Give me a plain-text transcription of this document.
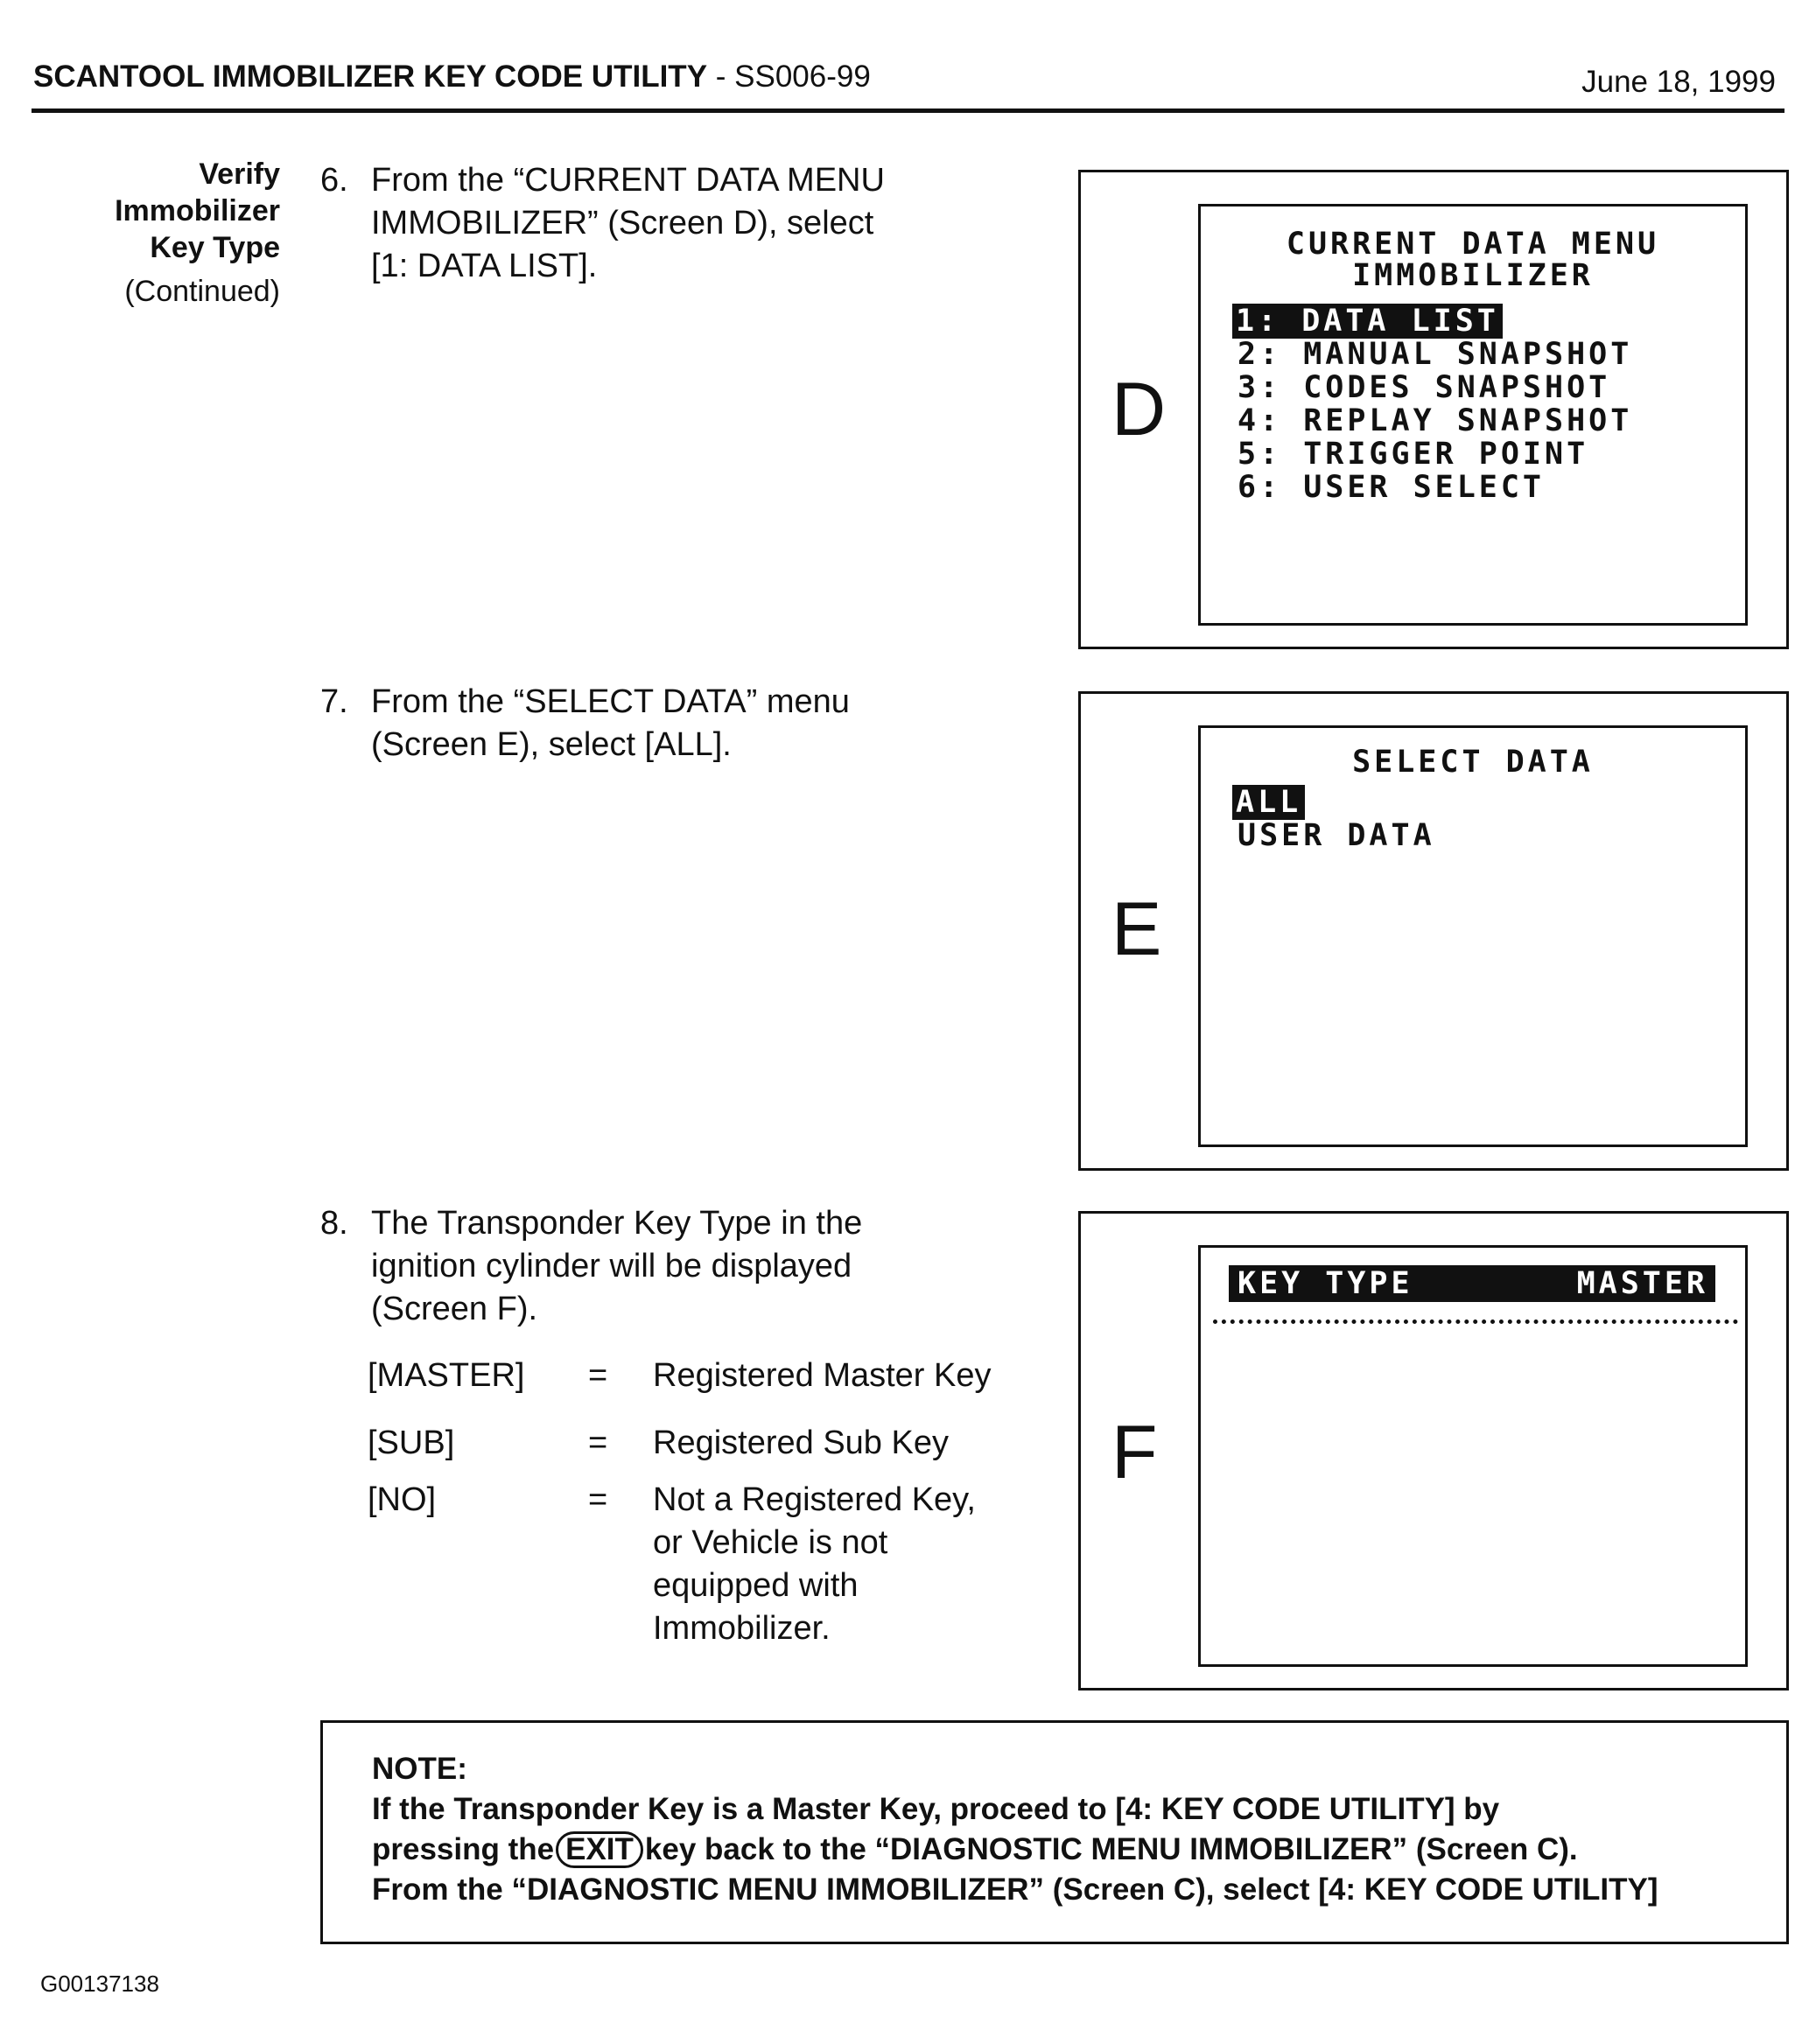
SCANTOOL IMMOBILIZER KEY CODE UTILITY - SS006-99	June 18, 1999
Verify
Immobilizer
Key Type
(Continued)
6. From the “CURRENT DATA MENU
IMMOBILIZER” (Screen D), select
[1: DATA LIST].
7. From the “SELECT DATA” menu
(Screen E), select [ALL].
8. The Transponder Key Type in the
ignition cylinder will be displayed
(Screen F).
[MASTER] = Registered Master Key
[SUB]	= Registered Sub Key
[NO]	= Not a Registered Key,
or Vehicle is not
equipped with
Immobilizer.
D
CURRENT DATA MENU
IMMOBILIZER
1: DATA LIST
2: MANUAL SNAPSHOT
3: CODES SNAPSHOT
4: REPLAY SNAPSHOT
5: TRIGGER POINT
6: USER SELECT
E
SELECT DATA
ALL
USER DATA
F
KEY TYPE	MASTER
NOTE:
If the Transponder Key is a Master Key, proceed to [4: KEY CODE UTILITY] by
pressing the EXIT key back to the “DIAGNOSTIC MENU IMMOBILIZER” (Screen C).
From the “DIAGNOSTIC MENU IMMOBILIZER” (Screen C), select [4: KEY CODE UTILITY]
G00137138
